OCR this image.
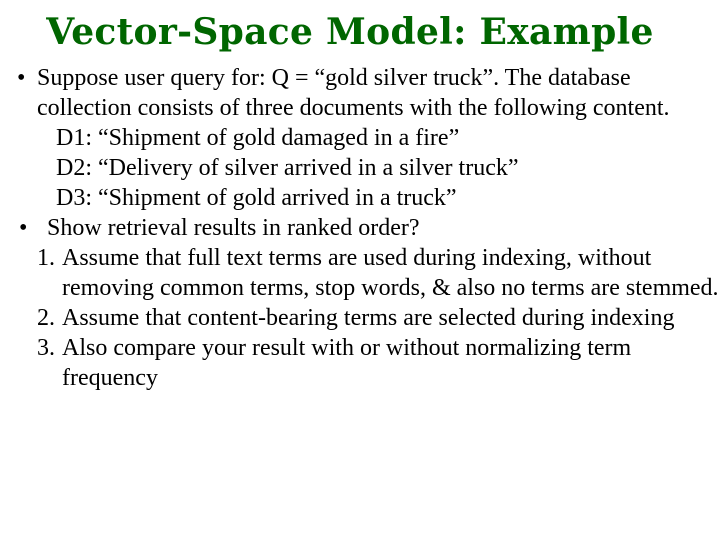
Vector-Space Model: Example
• Suppose user query for: Q = “gold silver truck”. The database collection consists of three documents with the following content.
D1: “Shipment of gold damaged in a fire”
D2: “Delivery of silver arrived in a silver truck”
D3: “Shipment of gold arrived in a truck”
• Show retrieval results in ranked order?
1. Assume that full text terms are used during indexing, without removing common terms, stop words, & also no terms are stemmed.
2. Assume that content-bearing terms are selected during indexing
3. Also compare your result with or without normalizing term frequency
